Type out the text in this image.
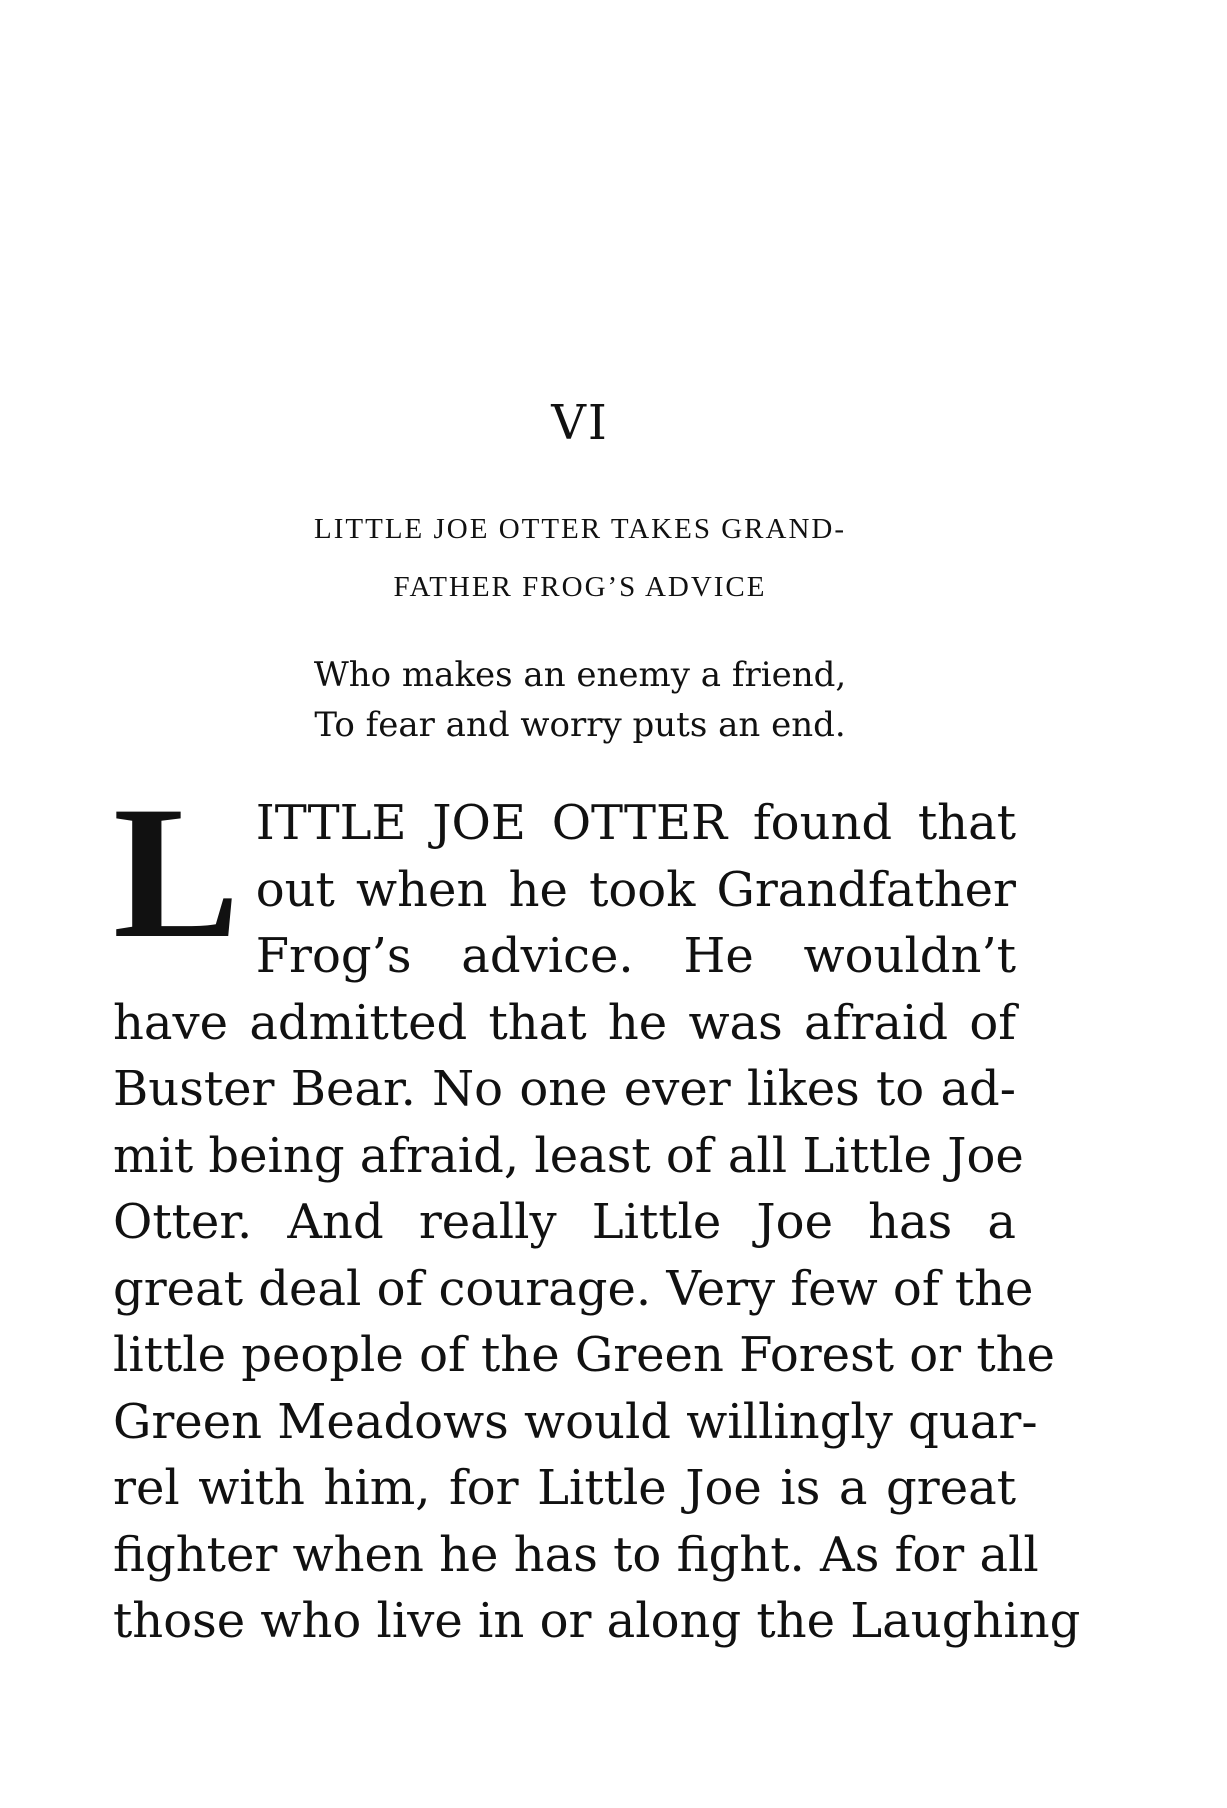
VI
LITTLE JOE OTTER TAKES GRAND-
FATHER FROG’S ADVICE
Who makes an enemy a friend,
To fear and worry puts an end.
L ITTLE JOE OTTER found that
out when he took Grandfather
Frog’s advice. He wouldn’t
have admitted that he was afraid of
Buster Bear. No one ever likes to ad-
mit being afraid, least of all Little Joe
Otter. And really Little Joe has a
great deal of courage. Very few of the
little people of the Green Forest or the
Green Meadows would willingly quar-
rel with him, for Little Joe is a great
fighter when he has to fight. As for all
those who live in or along the Laughing
